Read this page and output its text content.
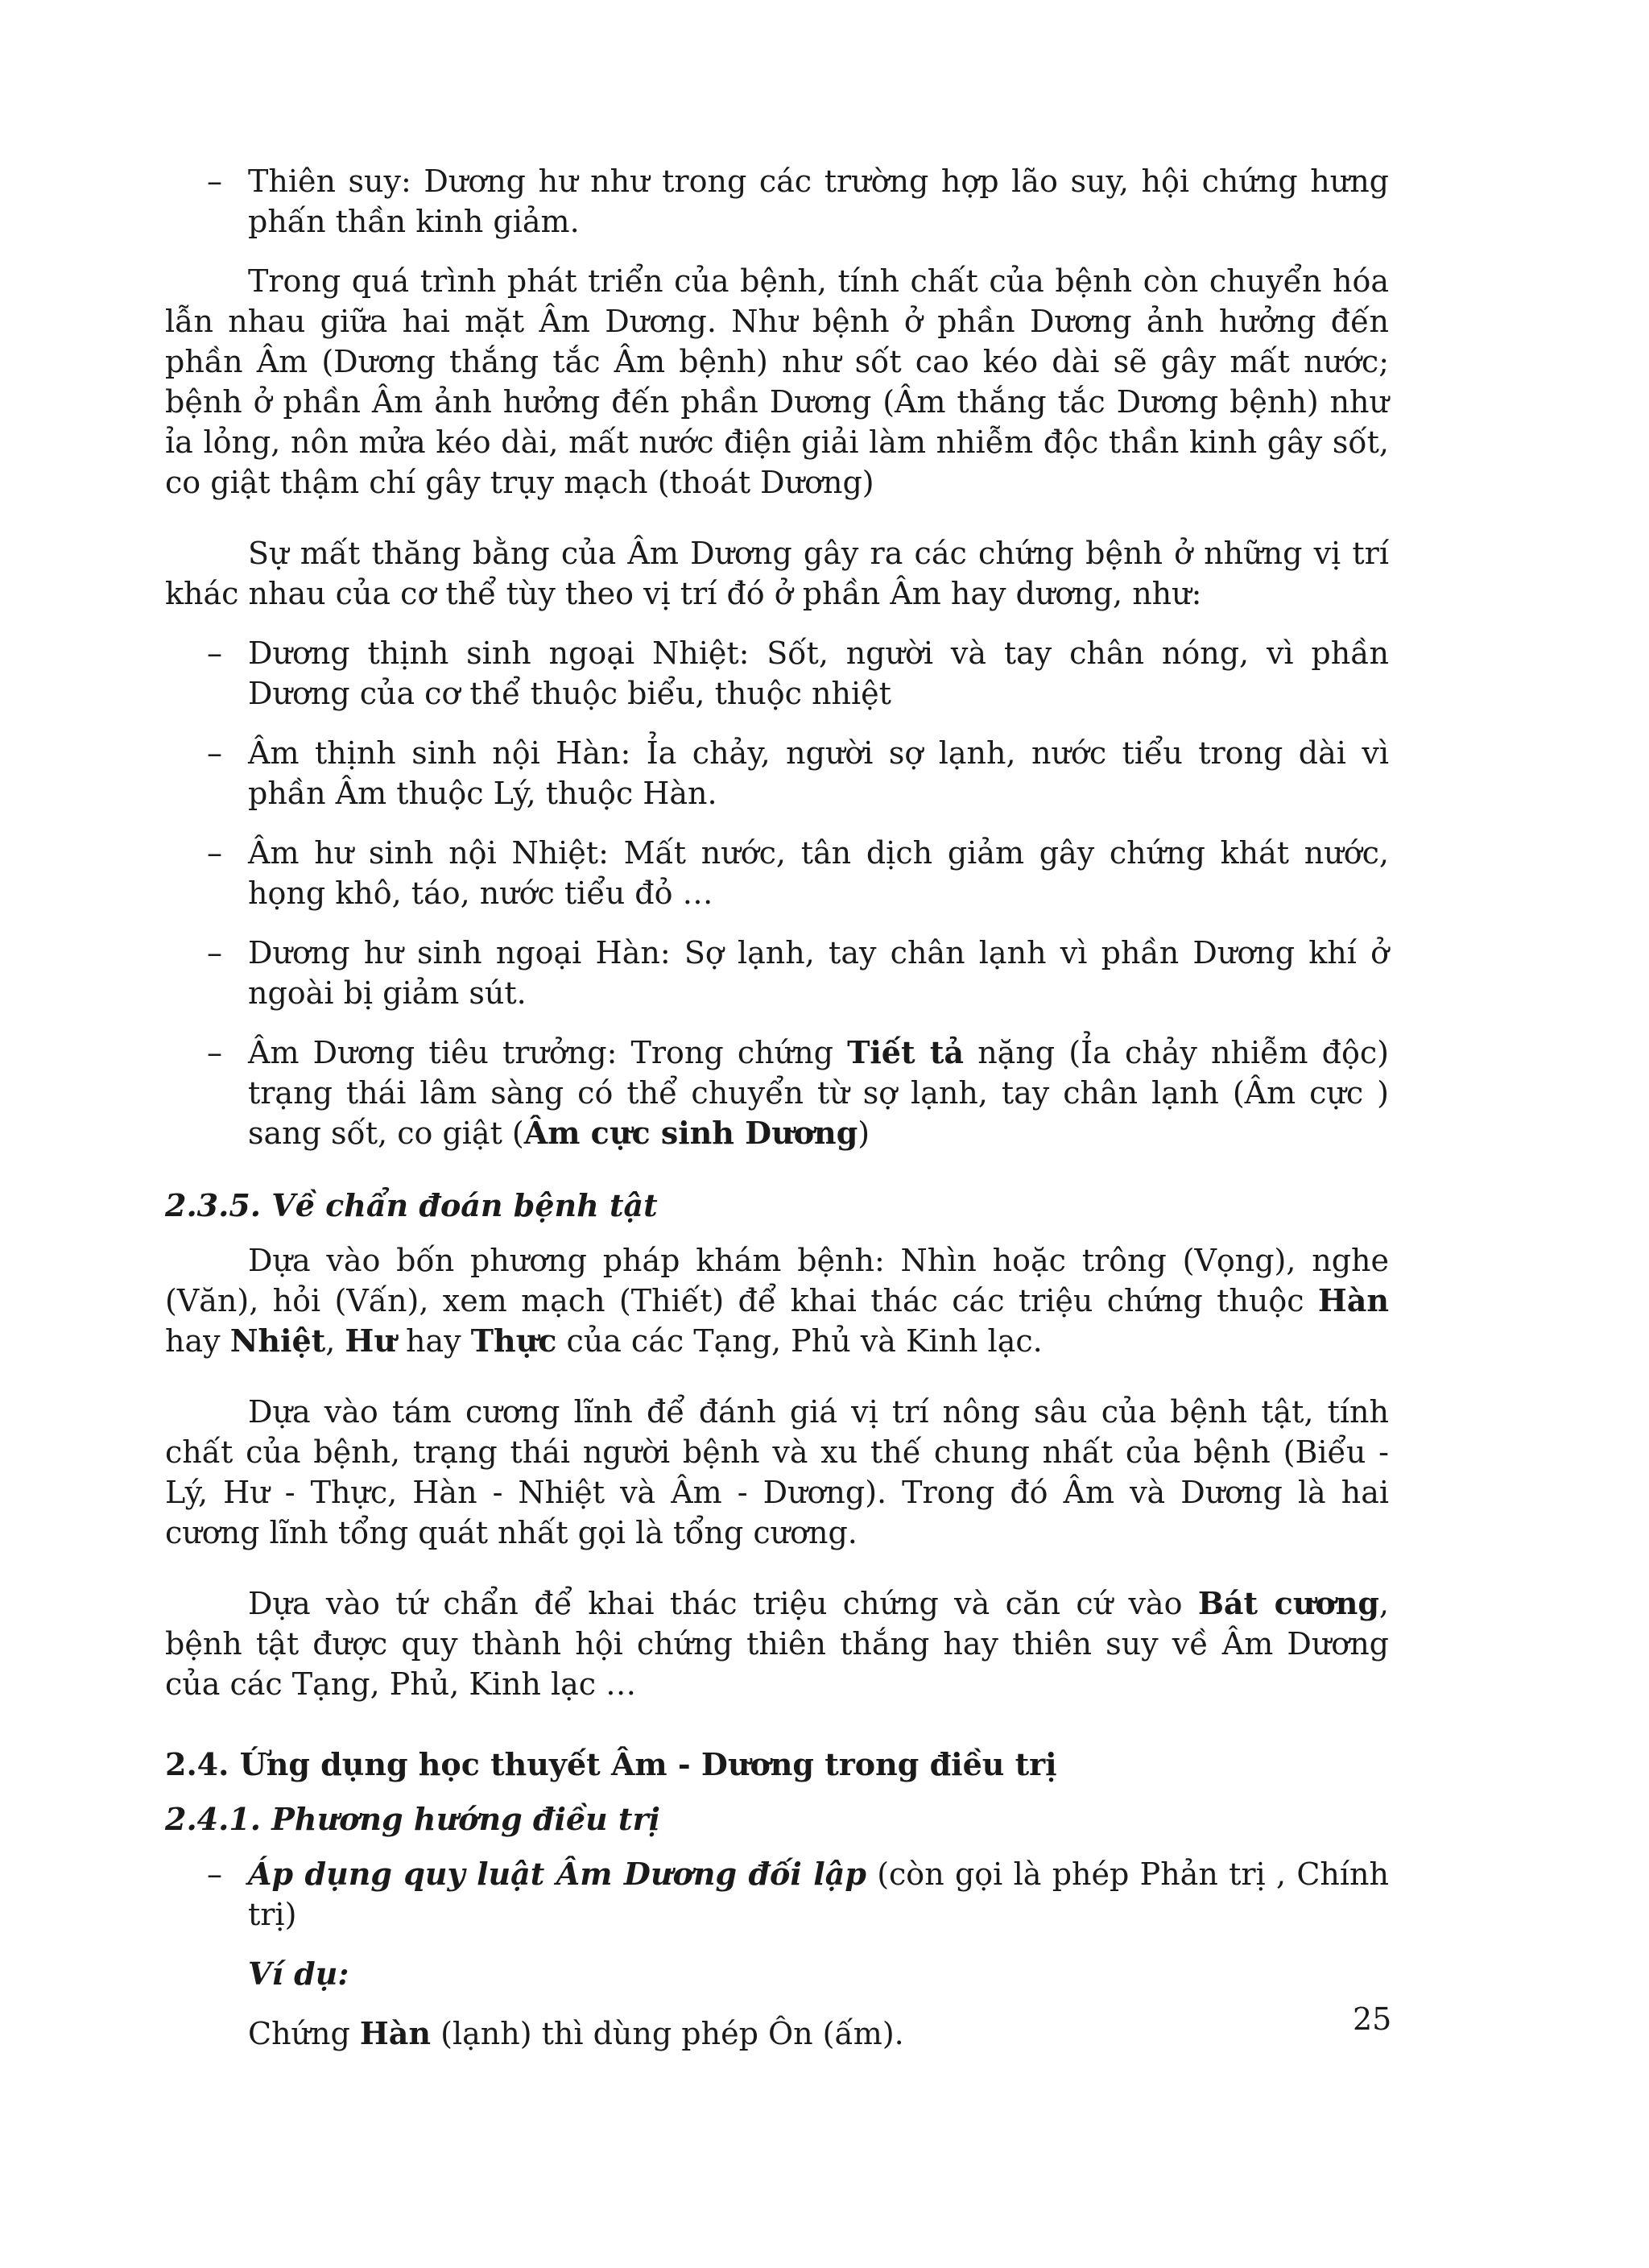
– Thiên suy: Dương hư như trong các trường hợp lão suy, hội chứng hưng phấn thần kinh giảm.

Trong quá trình phát triển của bệnh, tính chất của bệnh còn chuyển hóa lẫn nhau giữa hai mặt Âm Dương. Như bệnh ở phần Dương ảnh hưởng đến phần Âm (Dương thắng tắc Âm bệnh) như sốt cao kéo dài sẽ gây mất nước; bệnh ở phần Âm ảnh hưởng đến phần Dương (Âm thắng tắc Dương bệnh) như ỉa lỏng, nôn mửa kéo dài, mất nước điện giải làm nhiễm độc thần kinh gây sốt, co giật thậm chí gây trụy mạch (thoát Dương)

Sự mất thăng bằng của Âm Dương gây ra các chứng bệnh ở những vị trí khác nhau của cơ thể tùy theo vị trí đó ở phần Âm hay dương, như:

– Dương thịnh sinh ngoại Nhiệt: Sốt, người và tay chân nóng, vì phần Dương của cơ thể thuộc biểu, thuộc nhiệt
– Âm thịnh sinh nội Hàn: Ỉa chảy, người sợ lạnh, nước tiểu trong dài vì phần Âm thuộc Lý, thuộc Hàn.
– Âm hư sinh nội Nhiệt: Mất nước, tân dịch giảm gây chứng khát nước, họng khô, táo, nước tiểu đỏ …
– Dương hư sinh ngoại Hàn: Sợ lạnh, tay chân lạnh vì phần Dương khí ở ngoài bị giảm sút.
– Âm Dương tiêu trưởng: Trong chứng Tiết tả nặng (Ỉa chảy nhiễm độc) trạng thái lâm sàng có thể chuyển từ sợ lạnh, tay chân lạnh (Âm cực ) sang sốt, co giật (Âm cực sinh Dương)
2.3.5. Về chẩn đoán bệnh tật

Dựa vào bốn phương pháp khám bệnh: Nhìn hoặc trông (Vọng), nghe (Văn), hỏi (Vấn), xem mạch (Thiết) để khai thác các triệu chứng thuộc Hàn hay Nhiệt, Hư hay Thực của các Tạng, Phủ và Kinh lạc.

Dựa vào tám cương lĩnh để đánh giá vị trí nông sâu của bệnh tật, tính chất của bệnh, trạng thái người bệnh và xu thế chung nhất của bệnh (Biểu - Lý, Hư - Thực, Hàn - Nhiệt và Âm - Dương). Trong đó Âm và Dương là hai cương lĩnh tổng quát nhất gọi là tổng cương.

Dựa vào tứ chẩn để khai thác triệu chứng và căn cứ vào Bát cương, bệnh tật được quy thành hội chứng thiên thắng hay thiên suy về Âm Dương của các Tạng, Phủ, Kinh lạc …

2.4. Ứng dụng học thuyết Âm - Dương trong điều trị
2.4.1. Phương hướng điều trị
– Áp dụng quy luật Âm Dương đối lập (còn gọi là phép Phản trị , Chính trị)
Ví dụ:
Chứng Hàn (lạnh) thì dùng phép Ôn (ấm).	25
